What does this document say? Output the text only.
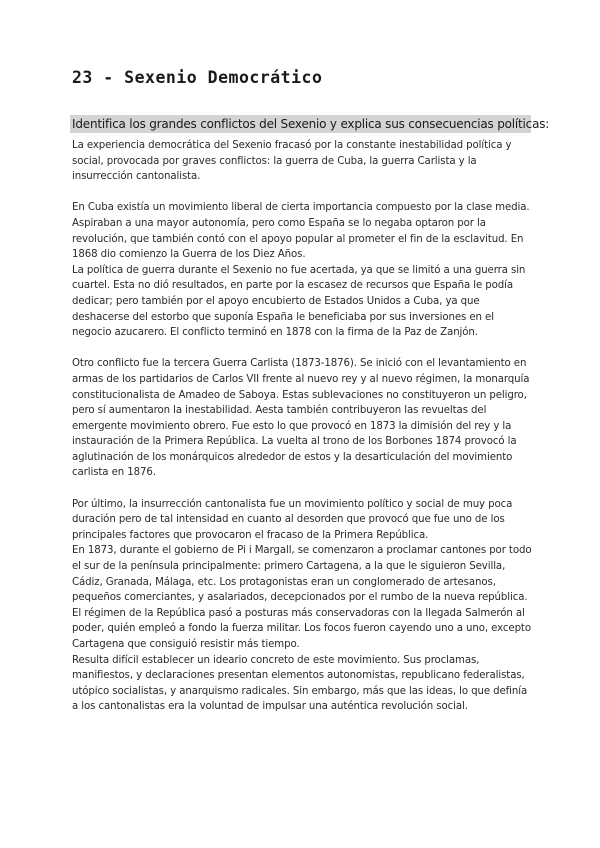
23 - Sexenio Democrático
Identifica los grandes conflictos del Sexenio y explica sus consecuencias políticas:

La experiencia democrática del Sexenio fracasó por la constante inestabilidad política y social, provocada por graves conflictos: la guerra de Cuba, la guerra Carlista y la insurrección cantonalista.

En Cuba existía un movimiento liberal de cierta importancia compuesto por la clase media. Aspiraban a una mayor autonomía, pero como España se lo negaba optaron por la revolución, que también contó con el apoyo popular al prometer el fin de la esclavitud. En 1868 dio comienzo la Guerra de los Diez Años.

La política de guerra durante el Sexenio no fue acertada, ya que se limitó a una guerra sin cuartel. Esta no dió resultados, en parte por la escasez de recursos que España le podía dedicar; pero también por el apoyo encubierto de Estados Unidos a Cuba, ya que deshacerse del estorbo que suponía España le beneficiaba por sus inversiones en el negocio azucarero. El conflicto terminó en 1878 con la firma de la Paz de Zanjón.

Otro conflicto fue la tercera Guerra Carlista (1873-1876). Se inició con el levantamiento en armas de los partidarios de Carlos VII frente al nuevo rey y al nuevo régimen, la monarquía constitucionalista de Amadeo de Saboya. Estas sublevaciones no constituyeron un peligro, pero sí aumentaron la inestabilidad. Aesta también contribuyeron las revueltas del emergente movimiento obrero. Fue esto lo que provocó en 1873 la dimisión del rey y la instauración de la Primera República. La vuelta al trono de los Borbones 1874 provocó la aglutinación de los monárquicos alrededor de estos y la desarticulación del movimiento carlista en 1876.

Por último, la insurrección cantonalista fue un movimiento político y social de muy poca duración pero de tal intensidad en cuanto al desorden que provocó que fue uno de los principales factores que provocaron el fracaso de la Primera República.

En 1873, durante el gobierno de Pi i Margall, se comenzaron a proclamar cantones por todo el sur de la península principalmente: primero Cartagena, a la que le siguieron Sevilla, Cádiz, Granada, Málaga, etc. Los protagonistas eran un conglomerado de artesanos, pequeños comerciantes, y asalariados, decepcionados por el rumbo de la nueva república. El régimen de la República pasó a posturas más conservadoras con la llegada Salmerón al poder, quién empleó a fondo la fuerza militar. Los focos fueron cayendo uno a uno, excepto Cartagena que consiguió resistir más tiempo.

Resulta difícil establecer un ideario concreto de este movimiento. Sus proclamas, manifiestos, y declaraciones presentan elementos autonomistas, republicano federalistas, utópico socialistas, y anarquismo radicales. Sin embargo, más que las ideas, lo que definía a los cantonalistas era la voluntad de impulsar una auténtica revolución social.
